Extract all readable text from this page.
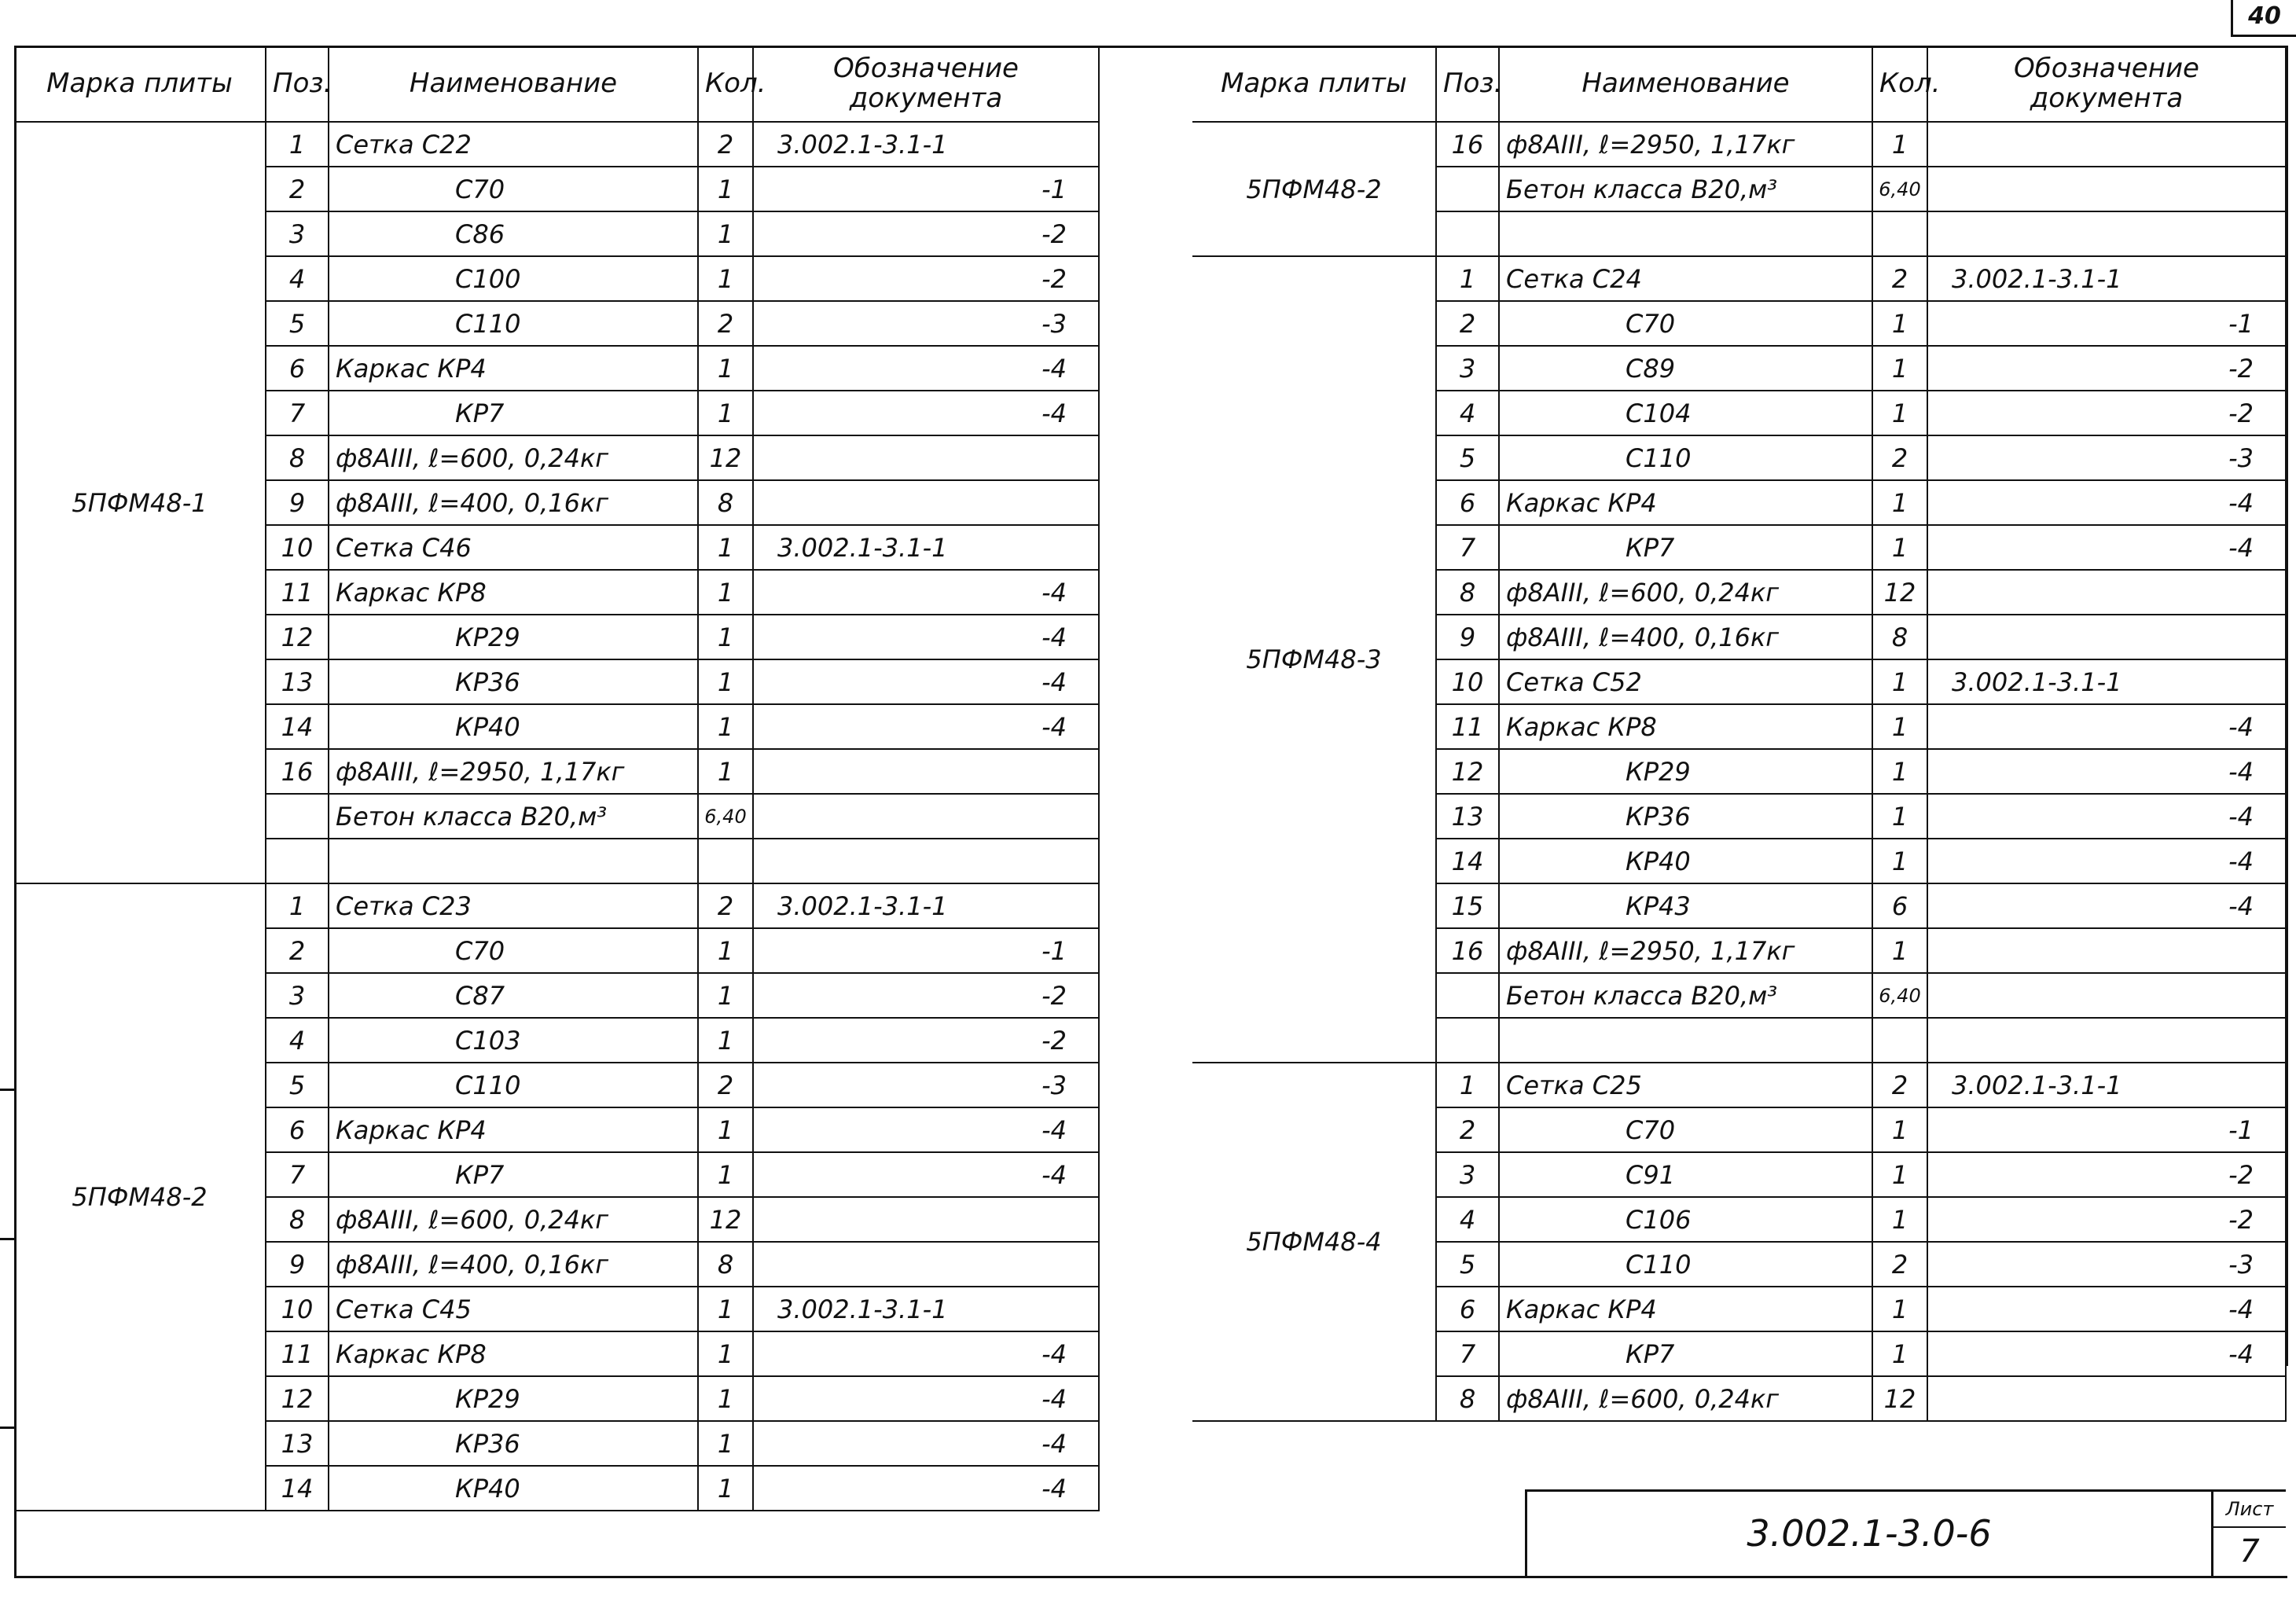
40
Марка плиты	Поз.	Наименование	Кол.	Обозначение документа
5ПФМ48-1	1	Сетка С22	2	3.002.1-3.1-1
	2	С70	1	-1
	3	С86	1	-2
	4	С100	1	-2
	5	С110	2	-3
	6	Каркас КР4	1	-4
	7	КР7	1	-4
	8	ф8АIII, ℓ=600, 0,24кг	12	
	9	ф8АIII, ℓ=400, 0,16кг	8	
	10	Сетка С46	1	3.002.1-3.1-1
	11	Каркас КР8	1	-4
	12	КР29	1	-4
	13	КР36	1	-4
	14	КР40	1	-4
	16	ф8АIII, ℓ=2950, 1,17кг	1	
		Бетон класса В20,м³	6,40	

5ПФМ48-2	1	Сетка С23	2	3.002.1-3.1-1
	2	С70	1	-1
	3	С87	1	-2
	4	С103	1	-2
	5	С110	2	-3
	6	Каркас КР4	1	-4
	7	КР7	1	-4
	8	ф8АIII, ℓ=600, 0,24кг	12	
	9	ф8АIII, ℓ=400, 0,16кг	8	
	10	Сетка С45	1	3.002.1-3.1-1
	11	Каркас КР8	1	-4
	12	КР29	1	-4
	13	КР36	1	-4
	14	КР40	1	-4
Марка плиты	Поз.	Наименование	Кол.	Обозначение документа
5ПФМ48-2	16	ф8АIII, ℓ=2950, 1,17кг	1	
		Бетон класса В20,м³	6,40	

5ПФМ48-3	1	Сетка С24	2	3.002.1-3.1-1
	2	С70	1	-1
	3	С89	1	-2
	4	С104	1	-2
	5	С110	2	-3
	6	Каркас КР4	1	-4
	7	КР7	1	-4
	8	ф8АIII, ℓ=600, 0,24кг	12	
	9	ф8АIII, ℓ=400, 0,16кг	8	
	10	Сетка С52	1	3.002.1-3.1-1
	11	Каркас КР8	1	-4
	12	КР29	1	-4
	13	КР36	1	-4
	14	КР40	1	-4
	15	КР43	6	-4
	16	ф8АIII, ℓ=2950, 1,17кг	1	
		Бетон класса В20,м³	6,40	

5ПФМ48-4	1	Сетка С25	2	3.002.1-3.1-1
	2	С70	1	-1
	3	С91	1	-2
	4	С106	1	-2
	5	С110	2	-3
	6	Каркас КР4	1	-4
	7	КР7	1	-4
	8	ф8АIII, ℓ=600, 0,24кг	12	
3.002.1-3.0-6
Лист
7
